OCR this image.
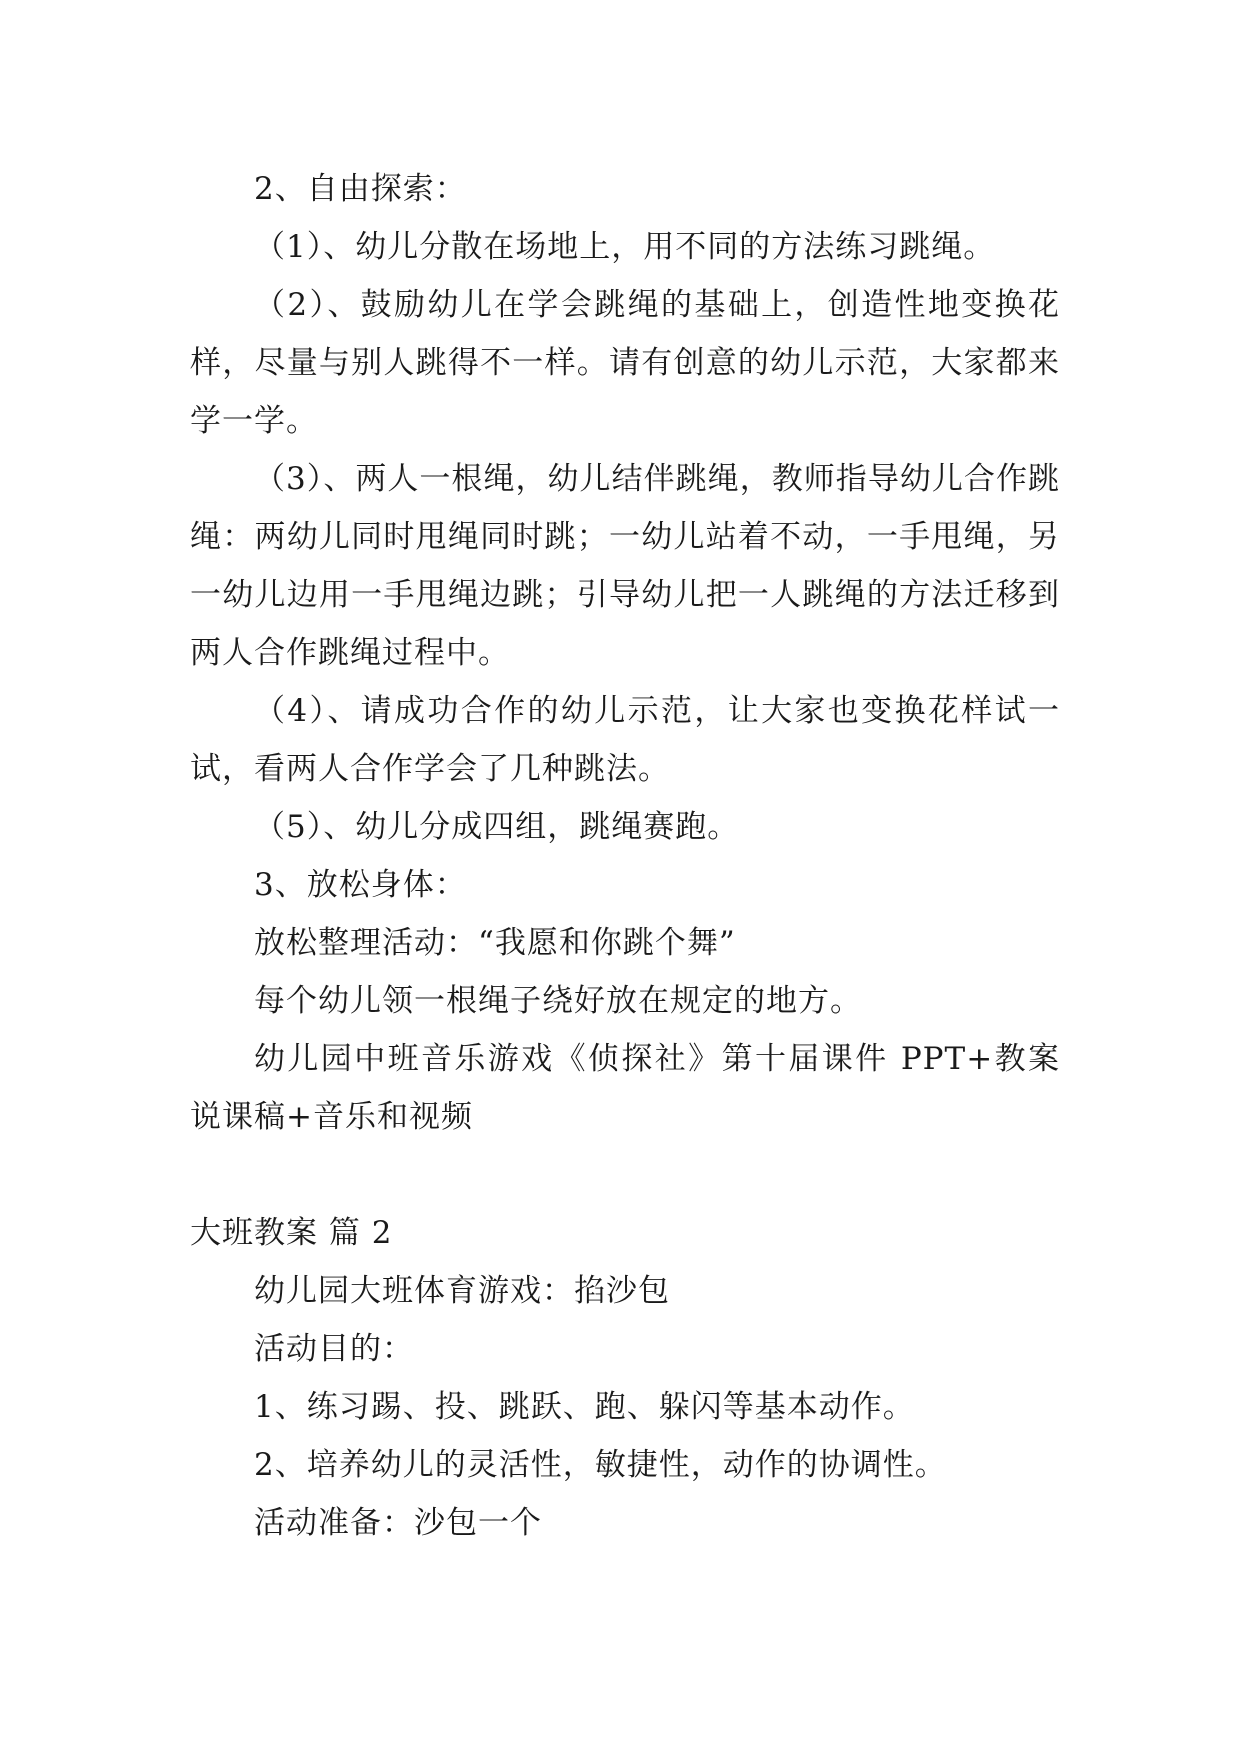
2、自由探索：

（1）、幼儿分散在场地上，用不同的方法练习跳绳。

（2）、鼓励幼儿在学会跳绳的基础上，创造性地变换花样，尽量与别人跳得不一样。请有创意的幼儿示范，大家都来学一学。

（3）、两人一根绳，幼儿结伴跳绳，教师指导幼儿合作跳绳：两幼儿同时甩绳同时跳；一幼儿站着不动，一手甩绳，另一幼儿边用一手甩绳边跳；引导幼儿把一人跳绳的方法迁移到两人合作跳绳过程中。

（4）、请成功合作的幼儿示范，让大家也变换花样试一试，看两人合作学会了几种跳法。

（5）、幼儿分成四组，跳绳赛跑。

3、放松身体：

放松整理活动：“我愿和你跳个舞”

每个幼儿领一根绳子绕好放在规定的地方。

幼儿园中班音乐游戏《侦探社》第十届课件 PPT+教案说课稿+音乐和视频

大班教案 篇 2

幼儿园大班体育游戏：掐沙包

活动目的：

1、练习踢、投、跳跃、跑、躲闪等基本动作。

2、培养幼儿的灵活性，敏捷性，动作的协调性。

活动准备：沙包一个
